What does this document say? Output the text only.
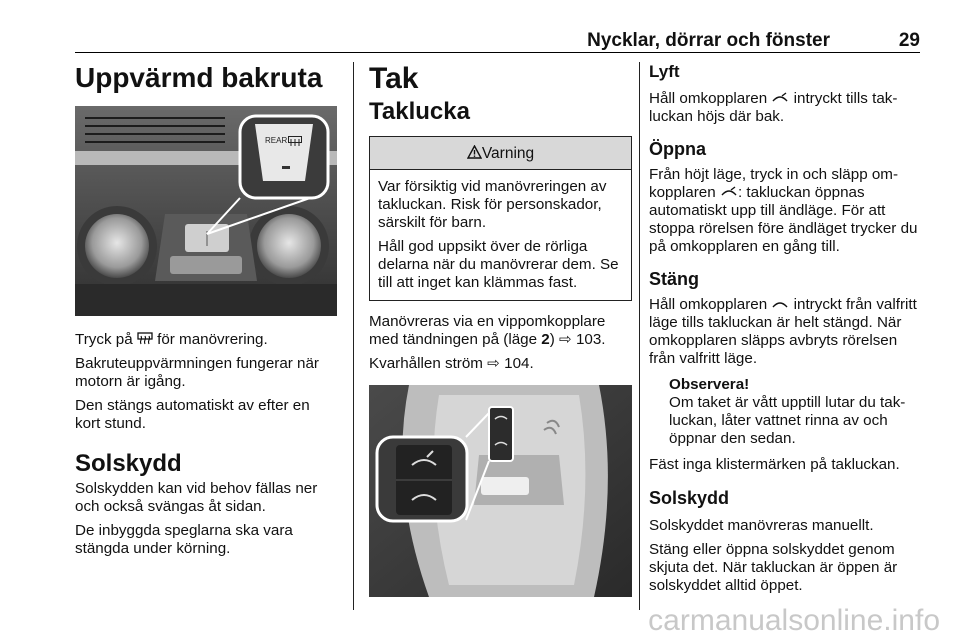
Nycklar, dörrar och fönster	29
Uppvärmd bakruta
REAR

Tryck på  för manövrering.

Bakruteuppvärmningen fungerar när motorn är igång.

Den stängs automatiskt av efter en kort stund.

Solskydd

Solskydden kan vid behov fällas ner och också svängas åt sidan.

De inbyggda speglarna ska vara stängda under körning.

Tak
Taklucka
Varning

Var försiktig vid manövreringen av takluckan. Risk för personskador, särskilt för barn.

Håll god uppsikt över de rörliga delarna när du manövrerar dem. Se till att inget kan klämmas fast.

Manövreras via en vippomkopplare med tändningen på (läge 2) ⇨ 103.

Kvarhållen ström ⇨ 104.

Lyft

Håll omkopplaren  intryckt tills takluckan höjs där bak.

Öppna

Från höjt läge, tryck in och släpp omkopplaren : takluckan öppnas automatiskt upp till ändläge. För att stoppa rörelsen före ändläget trycker du på omkopplaren en gång till.

Stäng

Håll omkopplaren  intryckt från valfritt läge tills takluckan är helt stängd. När omkopplaren släpps avbryts rörelsen från valfritt läge.

Observera!

Om taket är vått upptill lutar du takluckan, låter vattnet rinna av och öppnar den sedan.

Fäst inga klistermärken på takluckan.

Solskydd

Solskyddet manövreras manuellt.

Stäng eller öppna solskyddet genom skjuta det. När takluckan är öppen är solskyddet alltid öppet.

carmanualsonline.info
